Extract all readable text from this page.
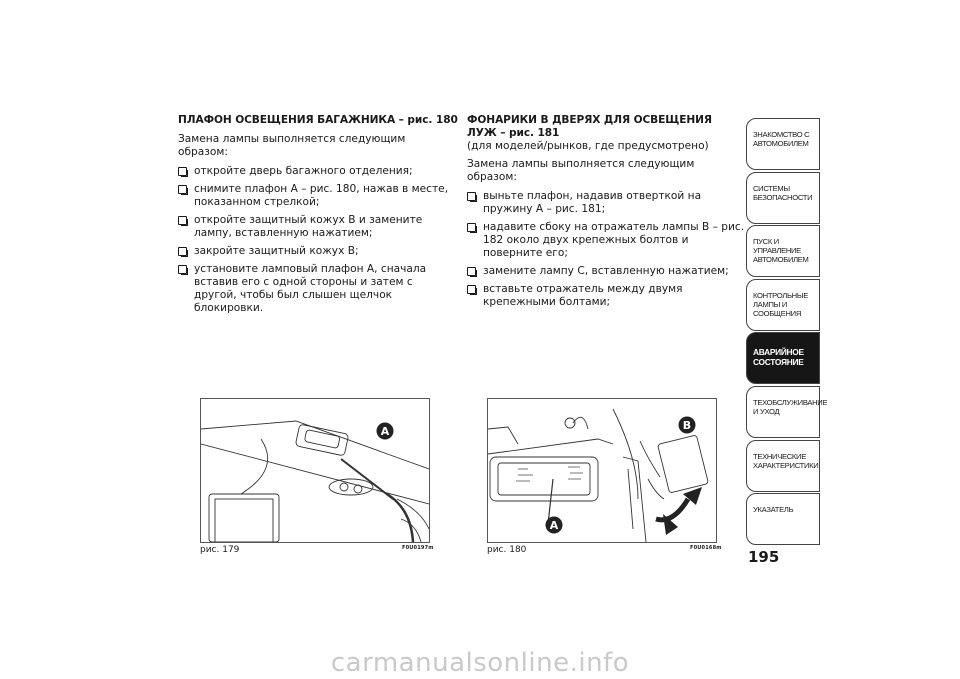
ПЛАФОН ОСВЕЩЕНИЯ БАГАЖНИКА – рис. 180

Замена лампы выполняется следующим образом:

откройте дверь багажного отделения;
снимите плафон A – рис. 180, нажав в месте, показанном стрелкой;
откройте защитный кожух B и замените лампу, вставленную нажатием;
закройте защитный кожух B;
установите ламповый плафон A, сначала вставив его с одной стороны и затем с другой, чтобы был слышен щелчок блокировки.

ФОНАРИКИ В ДВЕРЯХ ДЛЯ ОСВЕЩЕНИЯ ЛУЖ – рис. 181

(для моделей/рынков, где предусмотрено)

Замена лампы выполняется следующим образом:

выньте плафон, надавив отверткой на пружину A – рис. 181;
надавите сбоку на отражатель лампы B – рис. 182 около двух крепежных болтов и поверните его;
замените лампу C, вставленную нажатием;
вставьте отражатель между двумя крепежными болтами;
A
рис. 179	F0U0197m
B
A
рис. 180	F0U0168m
ЗНАКОМСТВО С АВТОМОБИЛЕМ
СИСТЕМЫ БЕЗОПАСНОСТИ
ПУСК И УПРАВЛЕНИЕ АВТОМОБИЛЕМ
КОНТРОЛЬНЫЕ ЛАМПЫ И СООБЩЕНИЯ
АВАРИЙНОЕ СОСТОЯНИЕ
ТЕХОБСЛУЖИВАНИЕ И УХОД
ТЕХНИЧЕСКИЕ ХАРАКТЕРИСТИКИ
УКАЗАТЕЛЬ
195
carmanualsonline.info
